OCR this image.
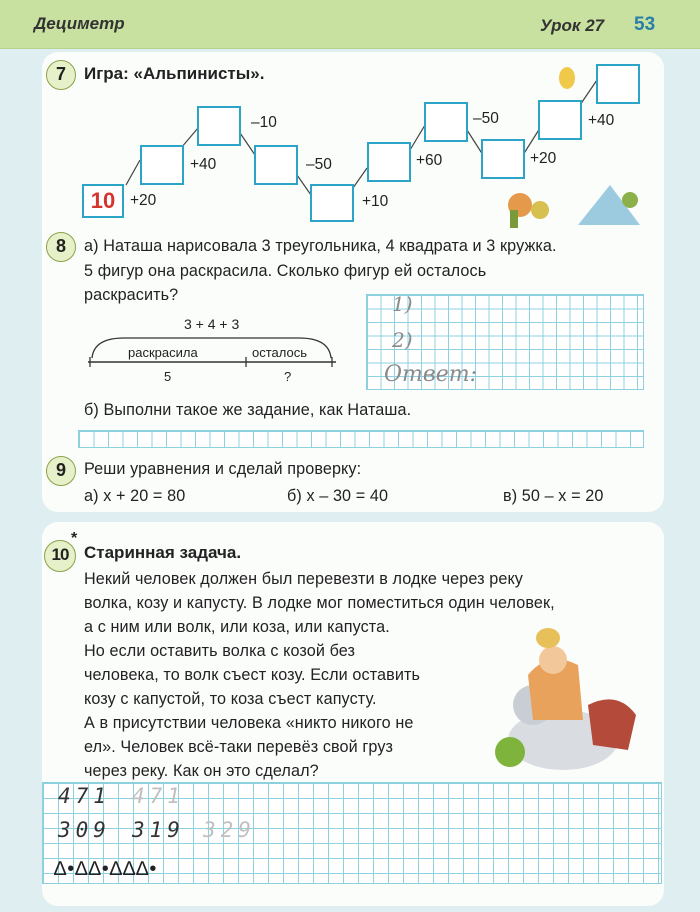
Дециметр	Урок 27 53
7	Игра: «Альпинисты».
10 +20
+40
–10
–50
+10
+60
–50
+20
+40
8	а) Наташа нарисовала 3 треугольника, 4 квадрата и 3 кружка.
5 фигур она раскрасила. Сколько фигур ей осталось
раскрасить?
3 + 4 + 3
раскрасила	осталось
5	?
1)
2)
Ответ:
б) Выполни такое же задание, как Наташа.
9	Реши уравнения и сделай проверку:
а) х + 20 = 80	б) х – 30 = 40	в) 50 – х = 20
10
*
Старинная задача.
Некий человек должен был перевезти в лодке через реку
волка, козу и капусту. В лодке мог поместиться один человек,
а с ним или волк, или коза, или капуста.
Но если оставить волка с козой без
человека, то волк съест козу. Если оставить
козу с капустой, то коза съест капусту.
А в присутствии человека «никто никого не
ел». Человек всё-таки перевёз свой груз
через реку. Как он это сделал?
471 471
309 319 329
∆•∆∆•∆∆∆•
